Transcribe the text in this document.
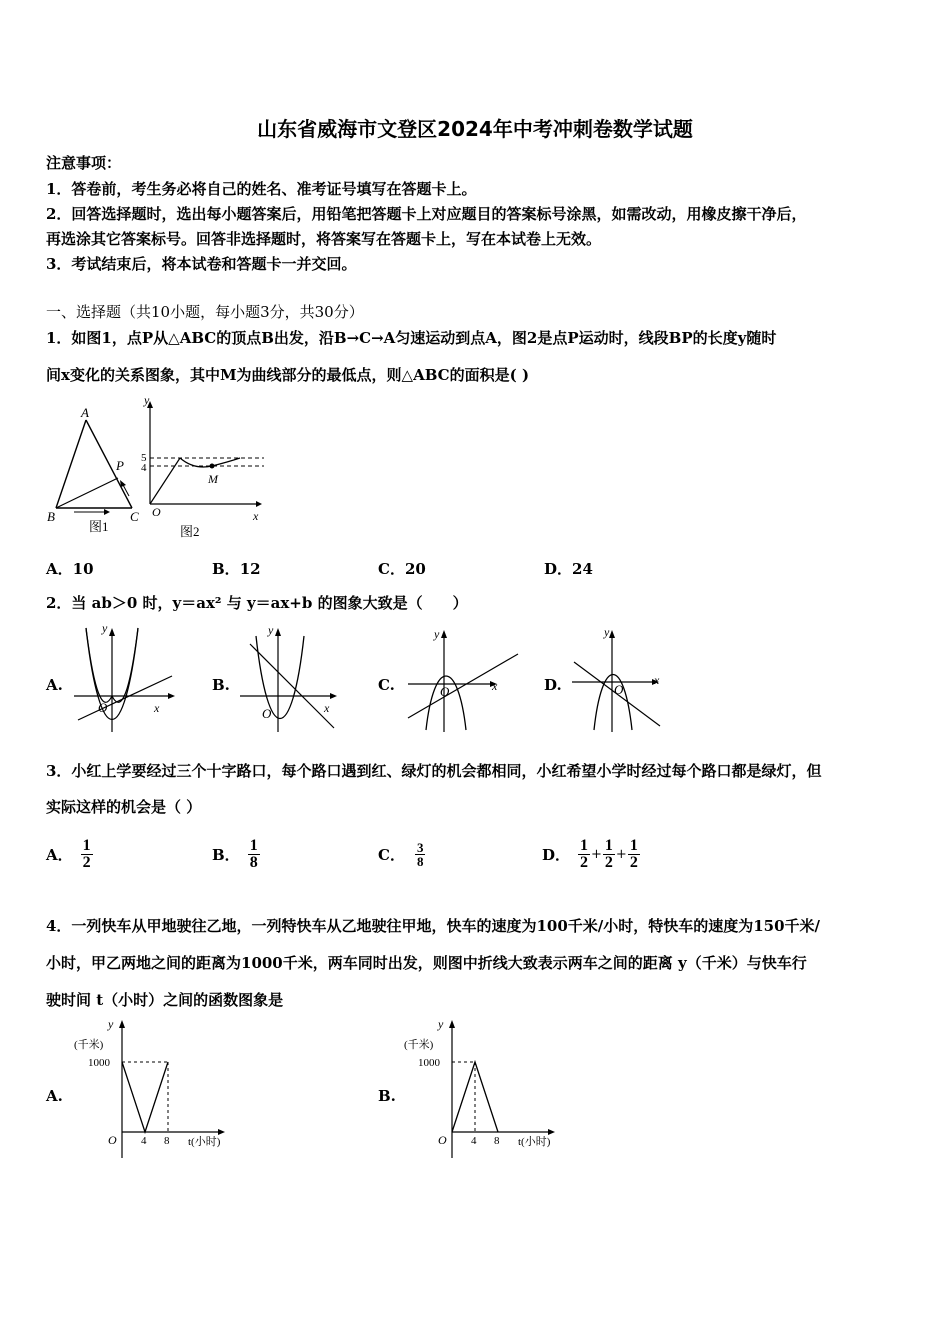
山东省威海市文登区2024年中考冲刺卷数学试题
注意事项：
1．答卷前，考生务必将自己的姓名、准考证号填写在答题卡上。
2．回答选择题时，选出每小题答案后，用铅笔把答题卡上对应题目的答案标号涂黑，如需改动，用橡皮擦干净后，
再选涂其它答案标号。回答非选择题时，将答案写在答题卡上，写在本试卷上无效。
3．考试结束后，将本试卷和答题卡一并交回。
一、选择题（共10小题，每小题3分，共30分）
1．如图1，点P从△ABC的顶点B出发，沿B→C→A匀速运动到点A，图2是点P运动时，线段BP的长度y随时
间x变化的关系图象，其中M为曲线部分的最低点，则△ABC的面积是( )
A
B	C
P
图1
y
x
O
5
4
M
图2
A．10	B．12	C．20	D．24
2．当 ab＞0 时，y＝ax² 与 y＝ax+b 的图象大致是（　　）
A.
y
x
O
B.
y
x
O
C.
y
x
O	D.
y
x
O
3．小红上学要经过三个十字路口，每个路口遇到红、绿灯的机会都相同，小红希望小学时经过每个路口都是绿灯，但
实际这样的机会是（ ）
A． $\frac{1}{2}$	B． $\frac{1}{8}$	C． $\frac{3}{8}$	D． $\frac{1}{2} + \frac{1}{2} + \frac{1}{2}$
4．一列快车从甲地驶往乙地，一列特快车从乙地驶往甲地，快车的速度为100千米/小时，特快车的速度为150千米/
小时，甲乙两地之间的距离为1000千米，两车同时出发，则图中折线大致表示两车之间的距离 y（千米）与快车行
驶时间 t（小时）之间的函数图象是
A.
y
(千米)
1000
O 4 8 t(小时)
B.
y
(千米)
1000
O 4 8 t(小时)
